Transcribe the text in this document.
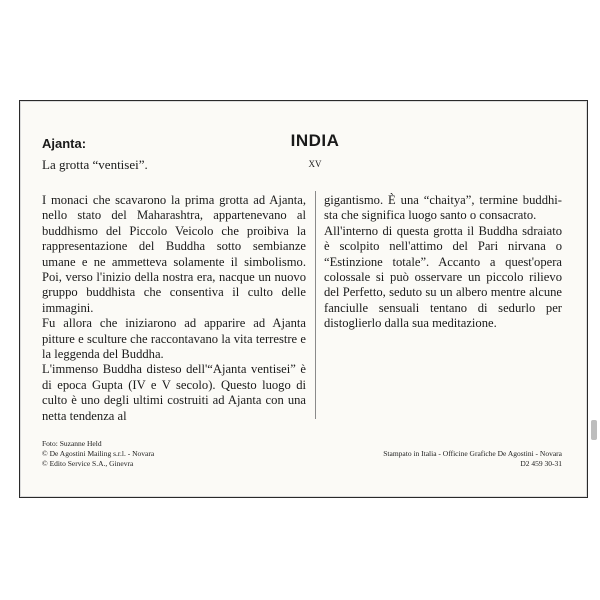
Ajanta:
La grotta “ventisei”.
INDIA
XV

I monaci che scavarono la prima grotta ad Ajanta, nello stato del Maharashtra, appartenevano al buddhismo del Piccolo Veicolo che proibiva la rappresentazione del Buddha sotto sembianze umane e ne ammetteva solamente il simbolismo. Poi, verso l'inizio della nostra era, nacque un nuovo gruppo buddhista che consentiva il culto delle immagini.

Fu allora che iniziarono ad apparire ad Ajanta pitture e sculture che raccontavano la vita terrestre e la leggenda del Buddha.

L'immenso Buddha disteso dell'“Ajanta ventisei” è di epoca Gupta (IV e V secolo). Questo luogo di culto è uno degli ultimi costruiti ad Ajanta con una netta tendenza al

gigantismo. È una “chaitya”, termine buddhista che significa luogo santo o consacrato.

All'interno di questa grotta il Buddha sdraiato è scolpito nell'attimo del Pari nirvana o “Estinzione totale”. Accanto a quest'opera colossale si può osservare un piccolo rilievo del Perfetto, seduto su un albero mentre alcune fanciulle sensuali tentano di sedurlo per distoglierlo dalla sua meditazione.

Foto: Suzanne Held
© De Agostini Mailing s.r.l. - Novara
© Edito Service S.A., Ginevra
Stampato in Italia - Officine Grafiche De Agostini - Novara
D2 459 30-31
